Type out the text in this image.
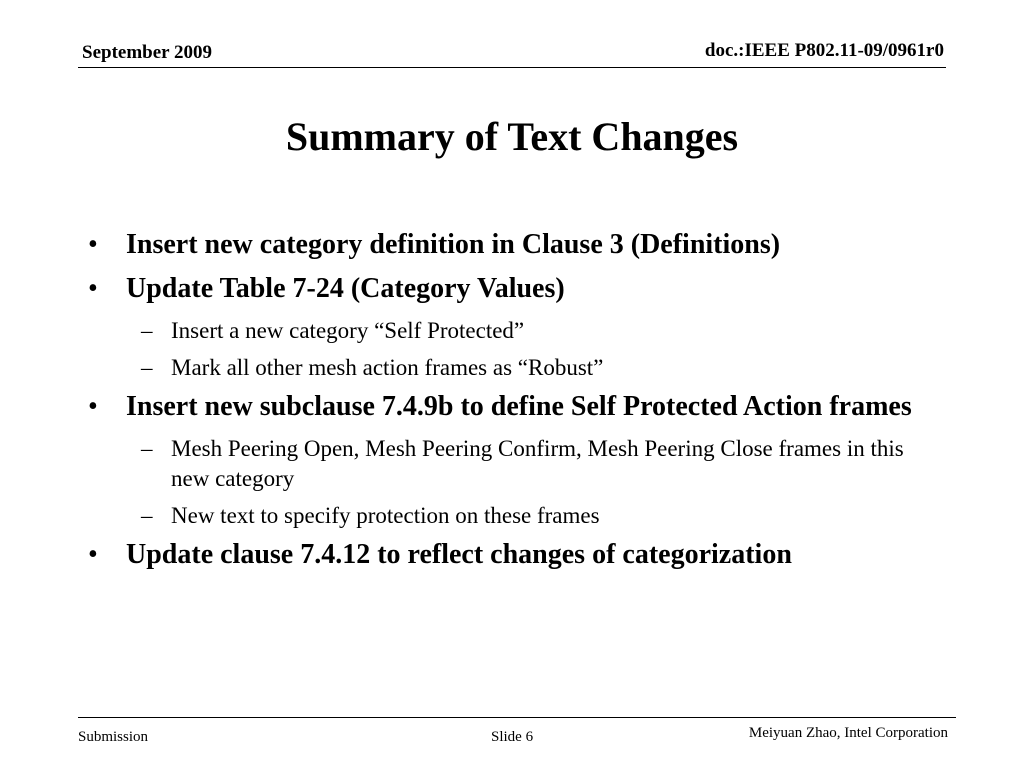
September 2009	doc.:IEEE P802.11-09/0961r0
Summary of Text Changes
• Insert new category definition in Clause 3 (Definitions)
• Update Table 7-24 (Category Values)
– Insert a new category “Self Protected”
– Mark all other mesh action frames as “Robust”
• Insert new subclause 7.4.9b to define Self Protected Action frames
– Mesh Peering Open, Mesh Peering Confirm, Mesh Peering Close frames in this new category
– New text to specify protection on these frames
• Update clause 7.4.12 to reflect changes of categorization
Submission	Slide 6	Meiyuan Zhao, Intel Corporation
